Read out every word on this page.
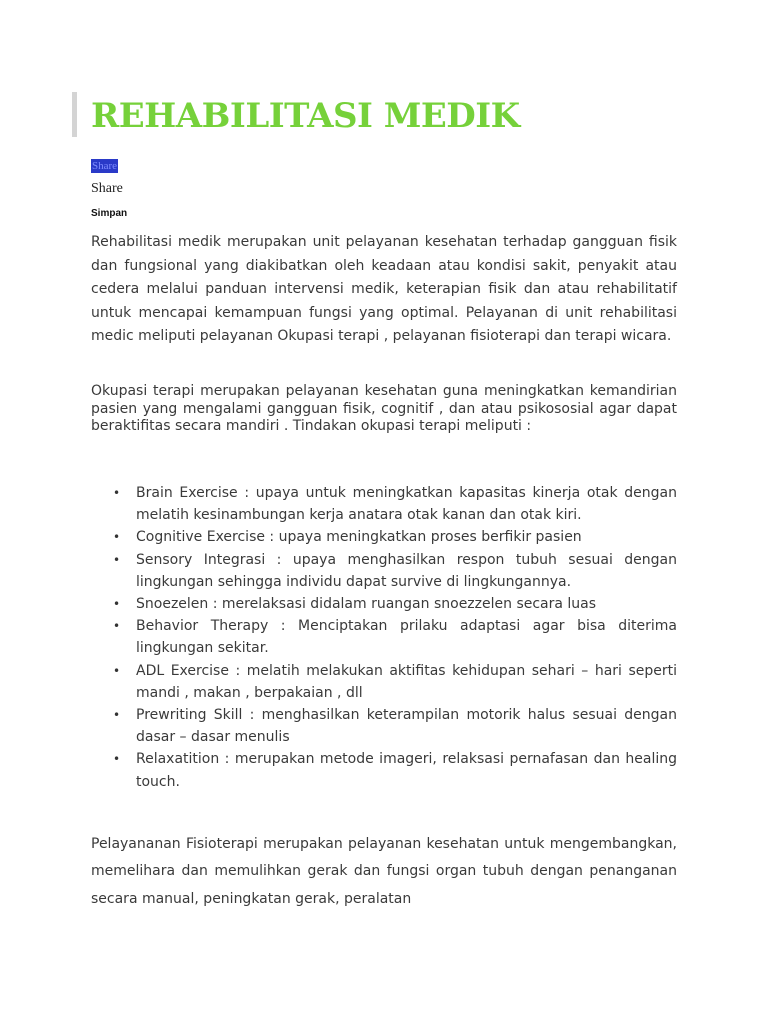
REHABILITASI MEDIK
Share
Share
Simpan

Rehabilitasi medik merupakan unit pelayanan kesehatan terhadap gangguan fisik dan fungsional yang diakibatkan oleh keadaan atau kondisi sakit, penyakit atau cedera melalui panduan intervensi medik, keterapian fisik dan atau rehabilitatif untuk mencapai kemampuan fungsi yang optimal. Pelayanan di unit rehabilitasi medic meliputi pelayanan Okupasi terapi , pelayanan fisioterapi dan terapi wicara.

Okupasi terapi merupakan pelayanan kesehatan guna meningkatkan kemandirian pasien yang mengalami gangguan fisik, cognitif , dan atau psikososial agar dapat beraktifitas secara mandiri . Tindakan okupasi terapi meliputi :

• Brain Exercise : upaya untuk meningkatkan kapasitas kinerja otak dengan melatih kesinambungan kerja anatara otak kanan dan otak kiri.
• Cognitive Exercise : upaya meningkatkan proses berfikir pasien
• Sensory Integrasi : upaya menghasilkan respon tubuh sesuai dengan lingkungan sehingga individu dapat survive di lingkungannya.
• Snoezelen : merelaksasi didalam ruangan snoezzelen secara luas
• Behavior Therapy : Menciptakan prilaku adaptasi agar bisa diterima lingkungan sekitar.
• ADL Exercise : melatih melakukan aktifitas kehidupan sehari – hari seperti mandi , makan , berpakaian , dll
• Prewriting Skill : menghasilkan keterampilan motorik halus sesuai dengan dasar – dasar menulis
• Relaxatition : merupakan metode imageri, relaksasi pernafasan dan healing touch.

Pelayananan Fisioterapi merupakan pelayanan kesehatan untuk mengembangkan, memelihara dan memulihkan gerak dan fungsi organ tubuh dengan penanganan secara manual, peningkatan gerak, peralatan
